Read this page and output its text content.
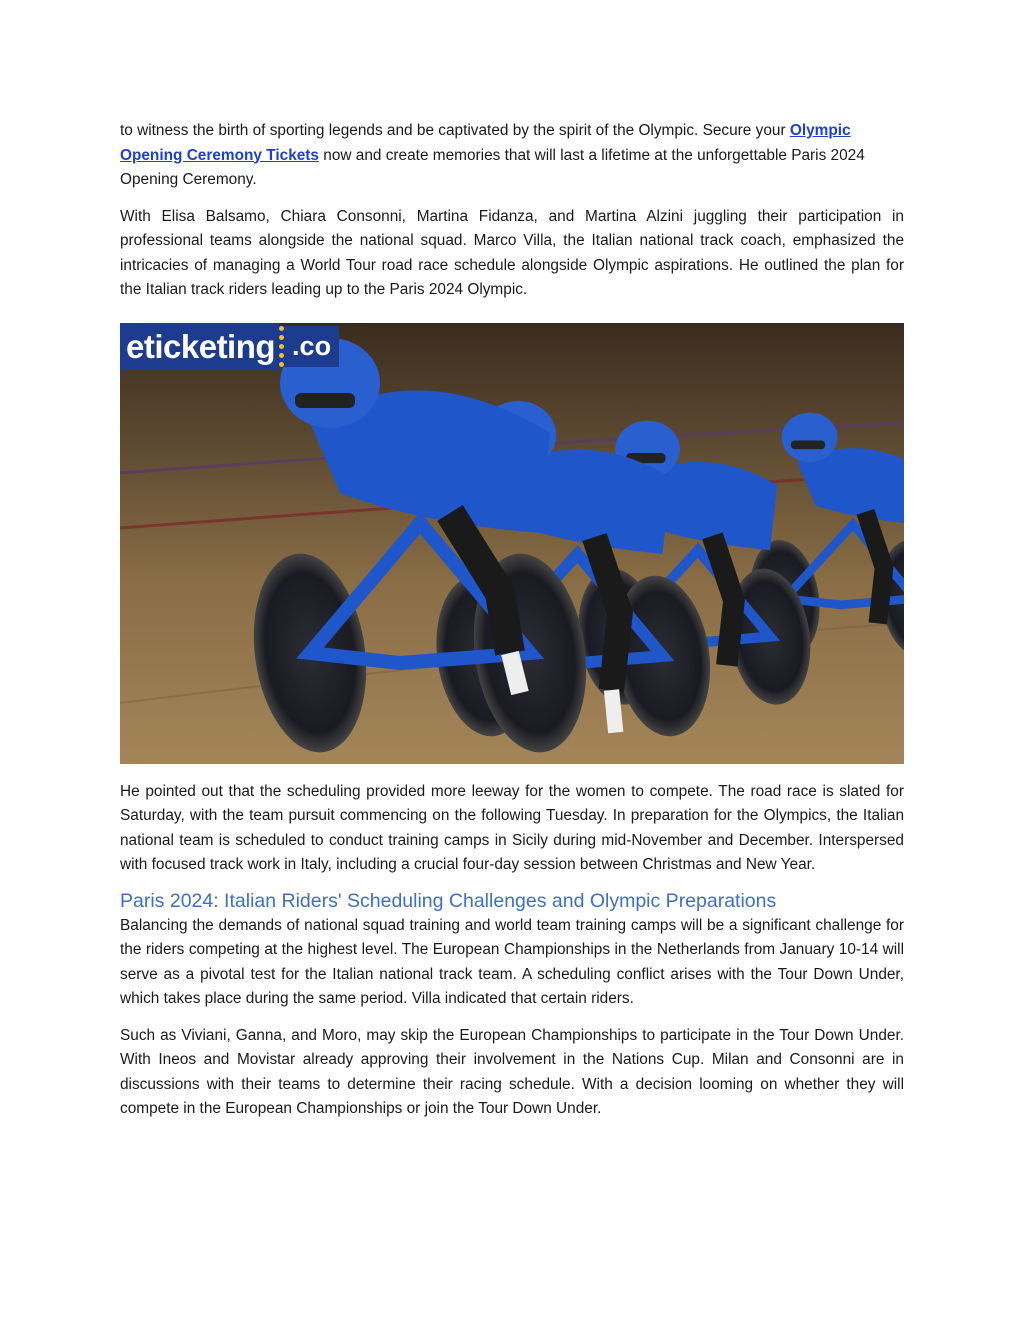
to witness the birth of sporting legends and be captivated by the spirit of the Olympic. Secure your Olympic Opening Ceremony Tickets now and create memories that will last a lifetime at the unforgettable Paris 2024 Opening Ceremony.

With Elisa Balsamo, Chiara Consonni, Martina Fidanza, and Martina Alzini juggling their participation in professional teams alongside the national squad. Marco Villa, the Italian national track coach, emphasized the intricacies of managing a World Tour road race schedule alongside Olympic aspirations. He outlined the plan for the Italian track riders leading up to the Paris 2024 Olympic.

eticketing .co

He pointed out that the scheduling provided more leeway for the women to compete. The road race is slated for Saturday, with the team pursuit commencing on the following Tuesday. In preparation for the Olympics, the Italian national team is scheduled to conduct training camps in Sicily during mid-November and December. Interspersed with focused track work in Italy, including a crucial four-day session between Christmas and New Year.

Paris 2024: Italian Riders' Scheduling Challenges and Olympic Preparations

Balancing the demands of national squad training and world team training camps will be a significant challenge for the riders competing at the highest level. The European Championships in the Netherlands from January 10-14 will serve as a pivotal test for the Italian national track team. A scheduling conflict arises with the Tour Down Under, which takes place during the same period. Villa indicated that certain riders.

Such as Viviani, Ganna, and Moro, may skip the European Championships to participate in the Tour Down Under. With Ineos and Movistar already approving their involvement in the Nations Cup. Milan and Consonni are in discussions with their teams to determine their racing schedule. With a decision looming on whether they will compete in the European Championships or join the Tour Down Under.
